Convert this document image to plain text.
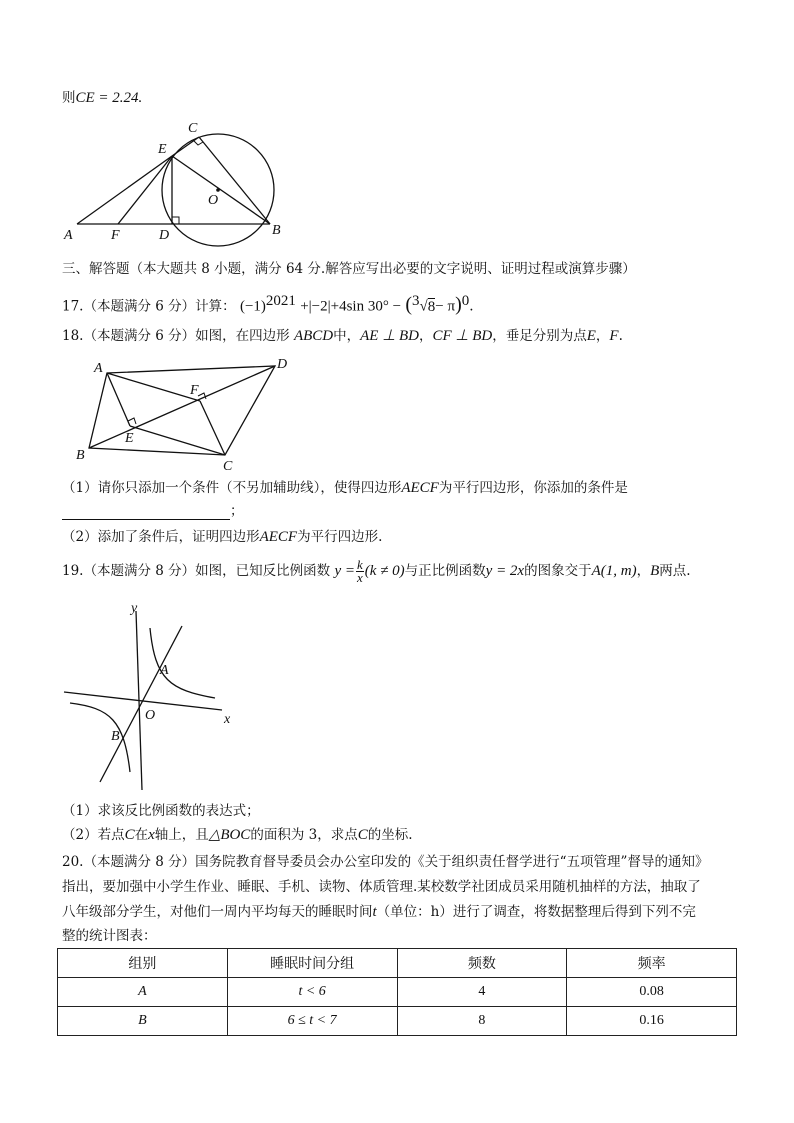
则CE = 2.24.
C
E
O
A	F	D	B
三、解答题（本大题共 8 小题，满分 64 分.解答应写出必要的文字说明、证明过程或演算步骤）
17.（本题满分 6 分）计算： $(-1)^{2021} +|-2|+4\sin$ $30^\circ - (^3√8- \pi)^0$.
18.（本题满分 6 分）如图，在四边形 ABCD中，AE ⊥ BD，CF ⊥ BD，垂足分别为点E，F.
A	D
F
E
B
C
（1）请你只添加一个条件（不另加辅助线），使得四边形AECF为平行四边形，你添加的条件是
；
（2）添加了条件后，证明四边形AECF为平行四边形.
19.（本题满分 8 分）如图，已知反比例函数 $y = \frac{k}{x} (k \ne 0)$与正比例函数y = 2x的图象交于A(1, m)，B两点.
y
x
O
A
B
（1）求该反比例函数的表达式；
（2）若点C在x轴上，且△BOC的面积为 3，求点C的坐标.
20.（本题满分 8 分）国务院教育督导委员会办公室印发的《关于组织责任督学进行“五项管理”督导的通知》
指出，要加强中小学生作业、睡眠、手机、读物、体质管理.某校数学社团成员采用随机抽样的方法，抽取了
八年级部分学生，对他们一周内平均每天的睡眠时间t（单位：h）进行了调查，将数据整理后得到下列不完
整的统计图表：
组别	睡眠时间分组	频数	频率
A	t < 6	4	0.08
B	6 ≤ t < 7	8	0.16
